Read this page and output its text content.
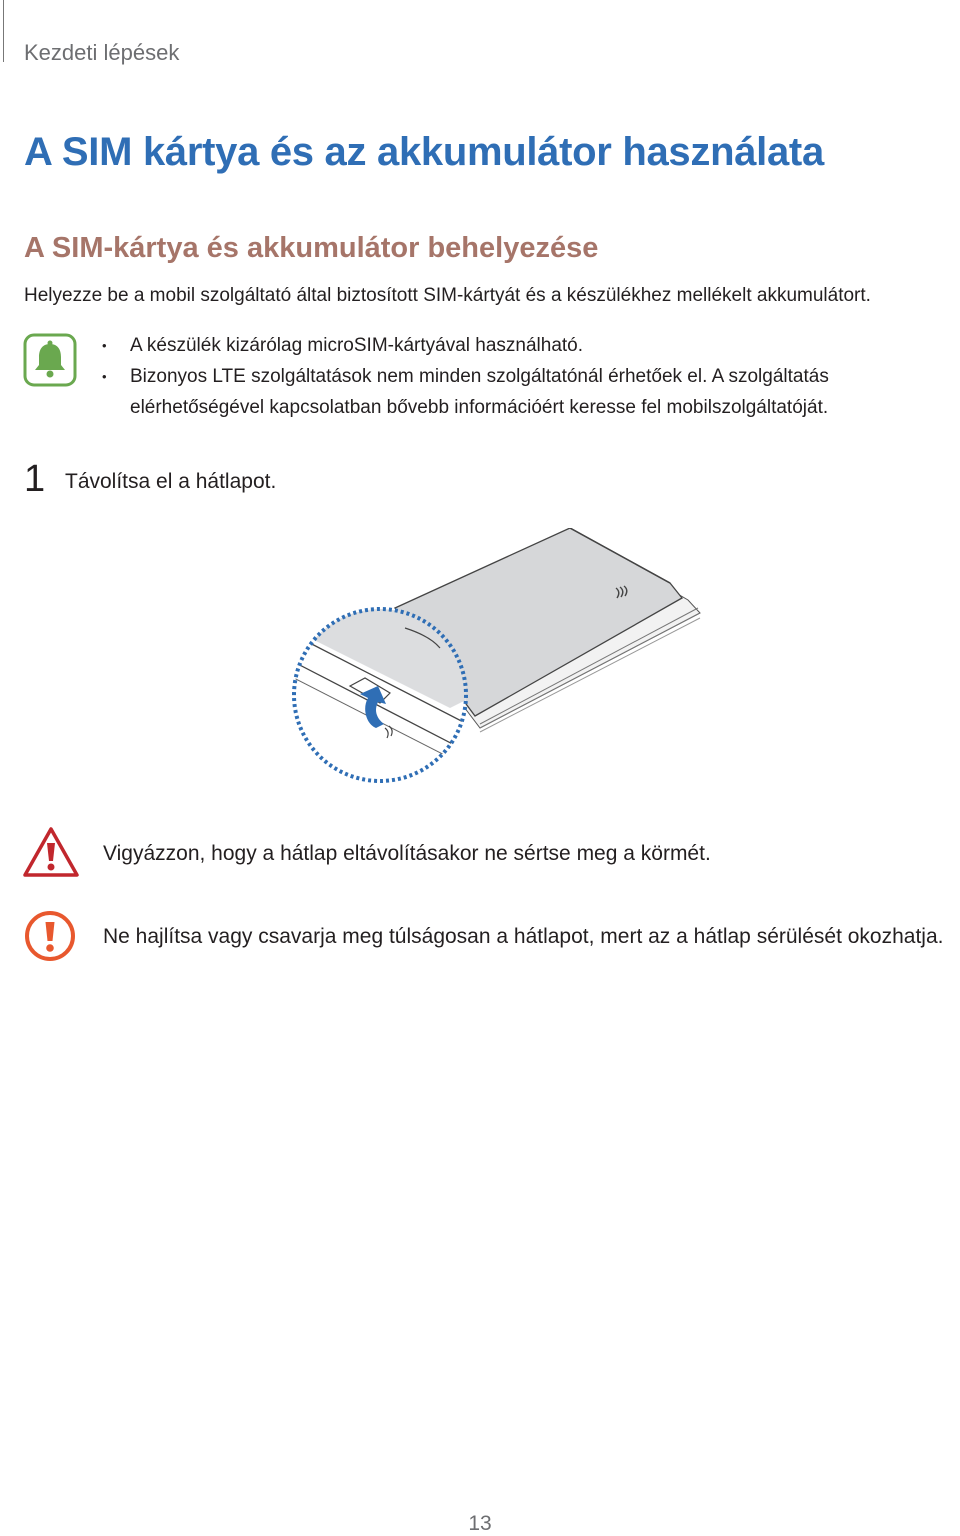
Kezdeti lépések
A SIM kártya és az akkumulátor használata
A SIM-kártya és akkumulátor behelyezése
Helyezze be a mobil szolgáltató által biztosított SIM-kártyát és a készülékhez mellékelt akkumulátort.
• A készülék kizárólag microSIM-kártyával használható.
• Bizonyos LTE szolgáltatások nem minden szolgáltatónál érhetőek el. A szolgáltatás elérhetőségével kapcsolatban bővebb információért keresse fel mobilszolgáltatóját.
1 Távolítsa el a hátlapot.
Vigyázzon, hogy a hátlap eltávolításakor ne sértse meg a körmét.
Ne hajlítsa vagy csavarja meg túlságosan a hátlapot, mert az a hátlap sérülését okozhatja.
13
